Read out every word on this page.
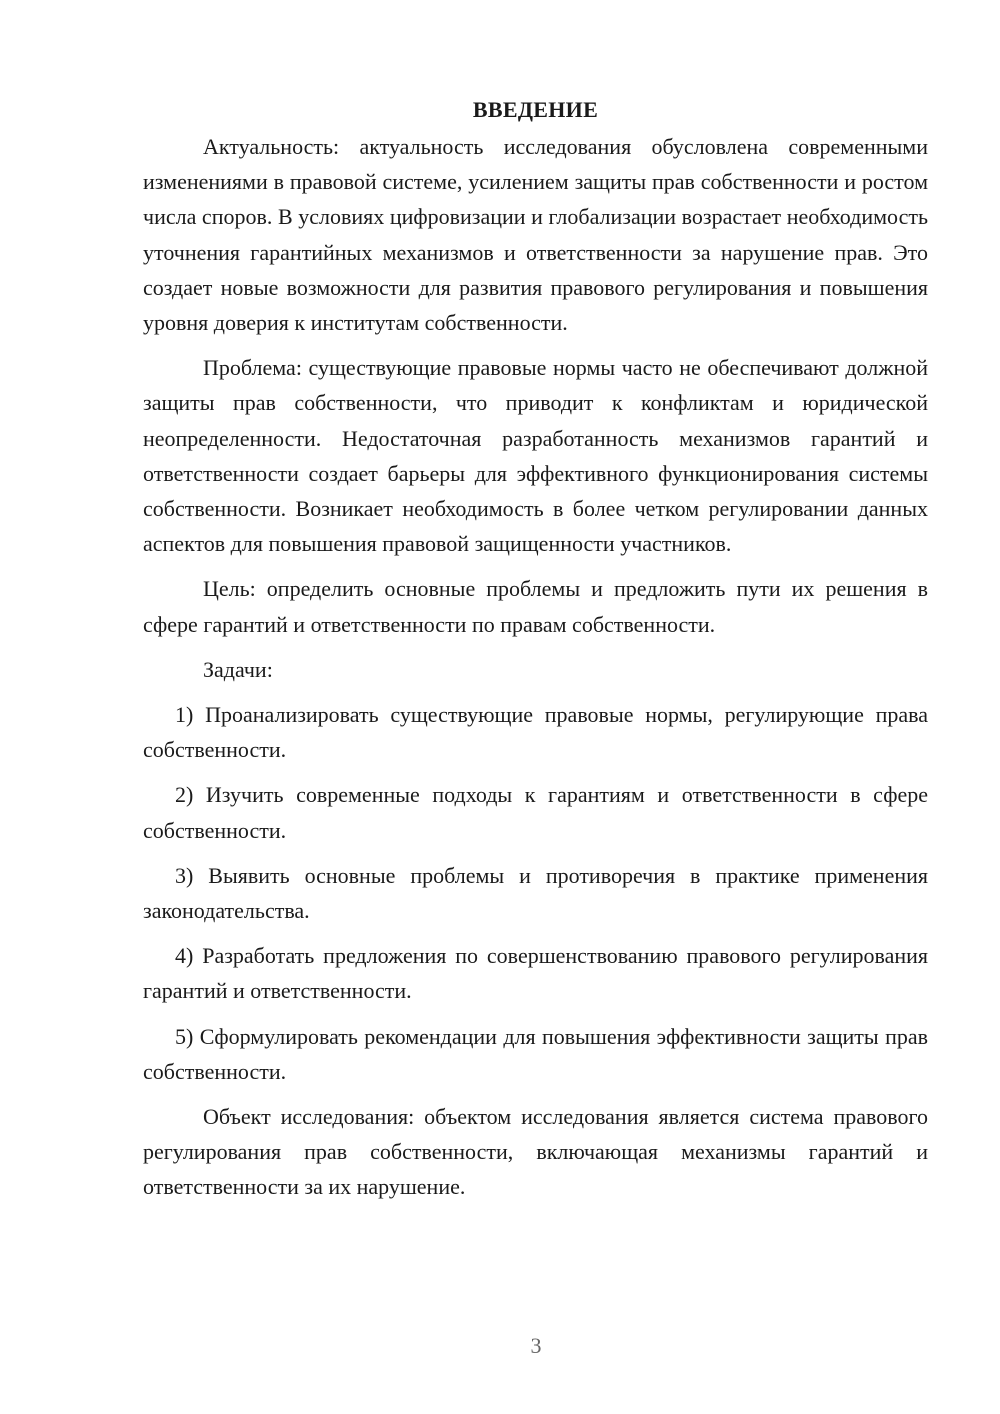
ВВЕДЕНИЕ

Актуальность: актуальность исследования обусловлена современными изменениями в правовой системе, усилением защиты прав собственности и ростом числа споров. В условиях цифровизации и глобализации возрастает необходимость уточнения гарантийных механизмов и ответственности за нарушение прав. Это создает новые возможности для развития правового регулирования и повышения уровня доверия к институтам собственности.

Проблема: существующие правовые нормы часто не обеспечивают должной защиты прав собственности, что приводит к конфликтам и юридической неопределенности. Недостаточная разработанность механизмов гарантий и ответственности создает барьеры для эффективного функционирования системы собственности. Возникает необходимость в более четком регулировании данных аспектов для повышения правовой защищенности участников.

Цель: определить основные проблемы и предложить пути их решения в сфере гарантий и ответственности по правам собственности.

Задачи:

1) Проанализировать существующие правовые нормы, регулирующие права собственности.

2) Изучить современные подходы к гарантиям и ответственности в сфере собственности.

3) Выявить основные проблемы и противоречия в практике применения законодательства.

4) Разработать предложения по совершенствованию правового регулирования гарантий и ответственности.

5) Сформулировать рекомендации для повышения эффективности защиты прав собственности.

Объект исследования: объектом исследования является система правового регулирования прав собственности, включающая механизмы гарантий и ответственности за их нарушение.

3
